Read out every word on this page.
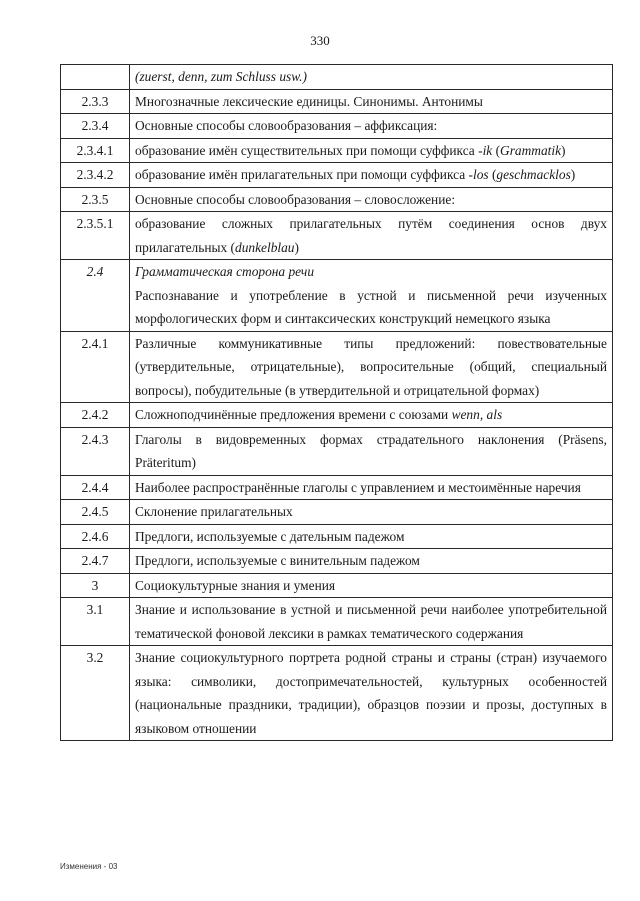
330
	(zuerst, denn, zum Schluss usw.)
2.3.3	Многозначные лексические единицы. Синонимы. Антонимы
2.3.4	Основные способы словообразования – аффиксация:
2.3.4.1	образование имён существительных при помощи суффикса -ik (Grammatik)
2.3.4.2	образование имён прилагательных при помощи суффикса -los (geschmacklos)
2.3.5	Основные способы словообразования – словосложение:
2.3.5.1	образование сложных прилагательных путём соединения основ двух прилагательных (dunkelblau)
2.4	Грамматическая сторона речи
Распознавание и употребление в устной и письменной речи изученных морфологических форм и синтаксических конструкций немецкого языка
2.4.1	Различные коммуникативные типы предложений: повествовательные (утвердительные, отрицательные), вопросительные (общий, специальный вопросы), побудительные (в утвердительной и отрицательной формах)
2.4.2	Сложноподчинённые предложения времени с союзами wenn, als
2.4.3	Глаголы в видовременных формах страдательного наклонения (Präsens, Präteritum)
2.4.4	Наиболее распространённые глаголы с управлением и местоимённые наречия
2.4.5	Склонение прилагательных
2.4.6	Предлоги, используемые с дательным падежом
2.4.7	Предлоги, используемые с винительным падежом
3	Социокультурные знания и умения
3.1	Знание и использование в устной и письменной речи наиболее употребительной тематической фоновой лексики в рамках тематического содержания
3.2	Знание социокультурного портрета родной страны и страны (стран) изучаемого языка: символики, достопримечательностей, культурных особенностей (национальные праздники, традиции), образцов поэзии и прозы, доступных в языковом отношении
Изменения - 03
